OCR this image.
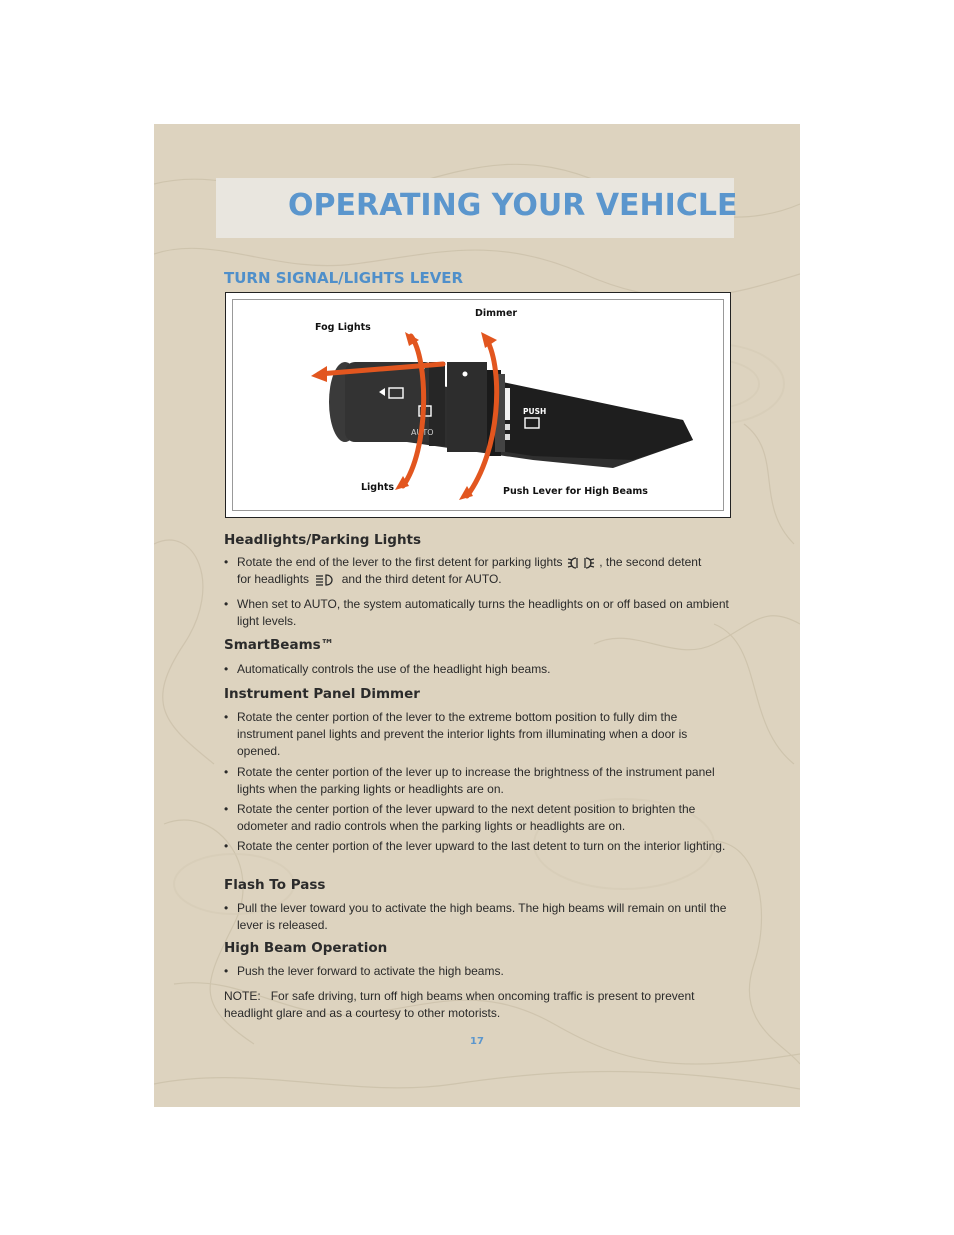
OPERATING YOUR VEHICLE
TURN SIGNAL/LIGHTS LEVER
AUTO
PUSH
O
Fog Lights
Dimmer
Lights	Push Lever for High Beams
Headlights/Parking Lights
• Rotate the end of the lever to the first detent for parking lights	, the second detent
for headlights	and the third detent for AUTO.
• When set to AUTO, the system automatically turns the headlights on or off based on ambient light levels.
SmartBeams™
• Automatically controls the use of the headlight high beams.
Instrument Panel Dimmer
• Rotate the center portion of the lever to the extreme bottom position to fully dim the instrument panel lights and prevent the interior lights from illuminating when a door is opened.
• Rotate the center portion of the lever up to increase the brightness of the instrument panel lights when the parking lights or headlights are on.
• Rotate the center portion of the lever upward to the next detent position to brighten the odometer and radio controls when the parking lights or headlights are on.
• Rotate the center portion of the lever upward to the last detent to turn on the interior lighting.
Flash To Pass
• Pull the lever toward you to activate the high beams. The high beams will remain on until the lever is released.
High Beam Operation
• Push the lever forward to activate the high beams.
NOTE: For safe driving, turn off high beams when oncoming traffic is present to prevent headlight glare and as a courtesy to other motorists.
17
